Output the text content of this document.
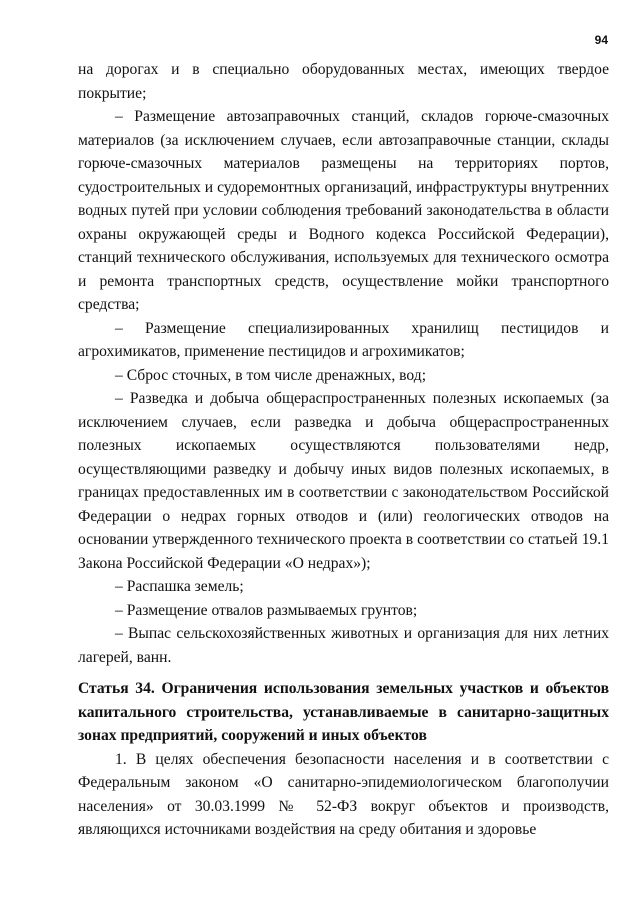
94

на дорогах и в специально оборудованных местах, имеющих твердое покрытие;

– Размещение автозаправочных станций, складов горюче-смазочных материалов (за исключением случаев, если автозаправочные станции, склады горюче-смазочных материалов размещены на территориях портов, судостроительных и судоремонтных организаций, инфраструктуры внутренних водных путей при условии соблюдения требований законодательства в области охраны окружающей среды и Водного кодекса Российской Федерации), станций технического обслуживания, используемых для технического осмотра и ремонта транспортных средств, осуществление мойки транспортного средства;

– Размещение специализированных хранилищ пестицидов и агрохимикатов, применение пестицидов и агрохимикатов;

– Сброс сточных, в том числе дренажных, вод;

– Разведка и добыча общераспространенных полезных ископаемых (за исключением случаев, если разведка и добыча общераспространенных полезных ископаемых осуществляются пользователями недр, осуществляющими разведку и добычу иных видов полезных ископаемых, в границах предоставленных им в соответствии с законодательством Российской Федерации о недрах горных отводов и (или) геологических отводов на основании утвержденного технического проекта в соответствии со статьей 19.1 Закона Российской Федерации «О недрах»);

– Распашка земель;

– Размещение отвалов размываемых грунтов;

– Выпас сельскохозяйственных животных и организация для них летних лагерей, ванн.

Статья 34. Ограничения использования земельных участков и объектов капитального строительства, устанавливаемые в санитарно-защитных зонах предприятий, сооружений и иных объектов

1. В целях обеспечения безопасности населения и в соответствии с Федеральным законом «О санитарно-эпидемиологическом благополучии населения» от 30.03.1999 № 52-ФЗ вокруг объектов и производств, являющихся источниками воздействия на среду обитания и здоровье
